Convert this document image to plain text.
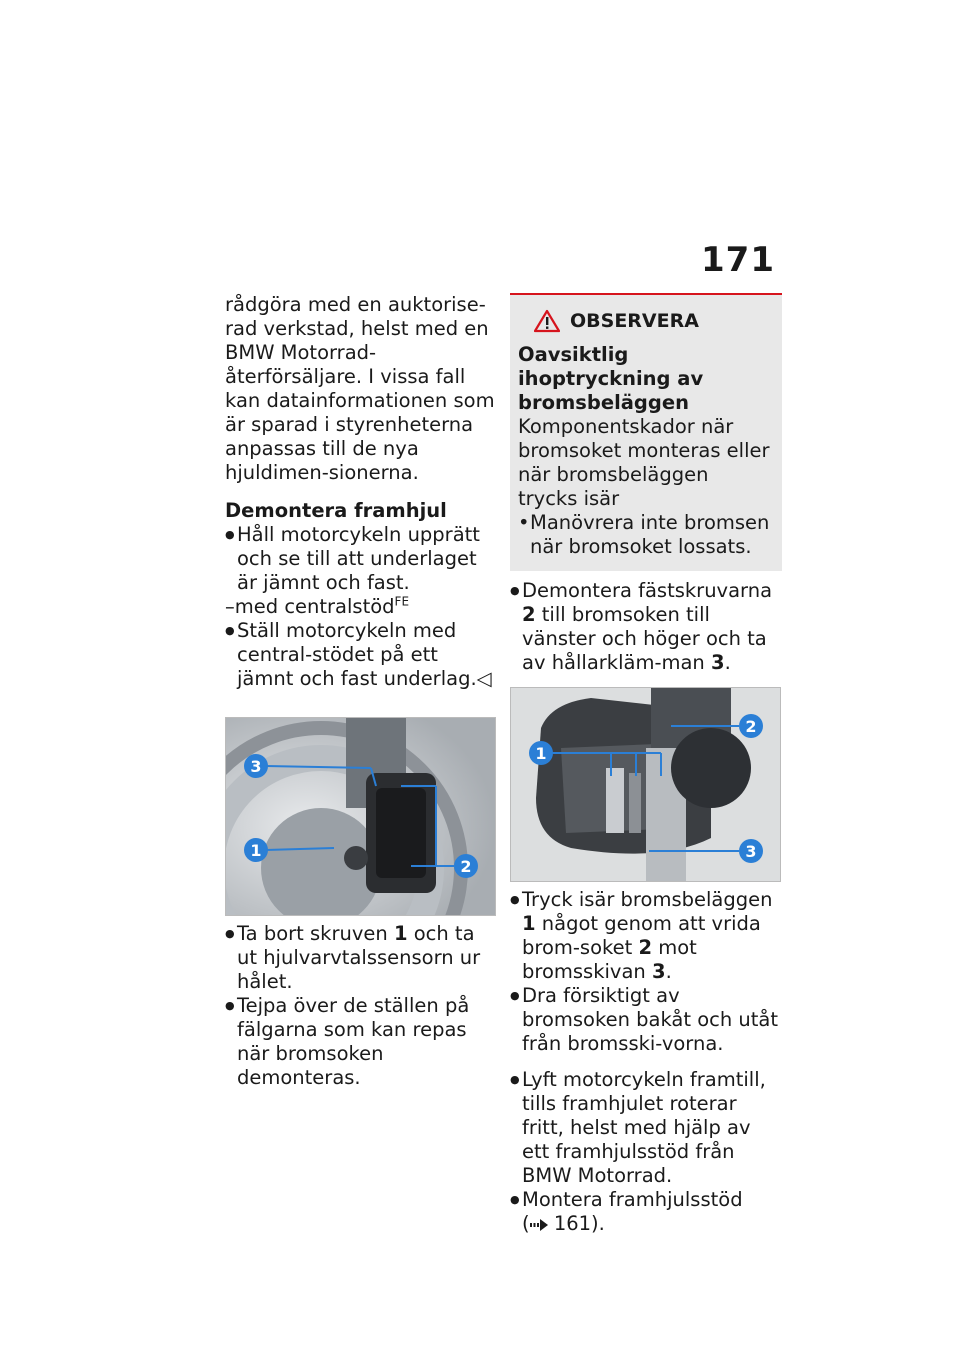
171

rådgöra med en auktorise-rad verkstad, helst med en BMW Motorrad-återförsäljare. I vissa fall kan datainformationen som är sparad i styrenheterna anpassas till de nya hjuldimen-sionerna.

Demontera framhjul

● Håll motorcykeln upprätt och se till att underlaget är jämnt och fast.

–med centralstöd$^{FE}$

● Ställ motorcykeln med central-stödet på ett jämnt och fast underlag.◁

3
1
2

● Ta bort skruven 1 och ta ut hjulvarvtalssensorn ur hålet.

● Tejpa över de ställen på fälgarna som kan repas när bromsoken demonteras.

OBSERVERA

Oavsiktlig ihoptryckning av bromsbeläggen

Komponentskador när bromsoket monteras eller när bromsbeläggen trycks isär

• Manövrera inte bromsen när bromsoket lossats.

● Demontera fästskruvarna 2 till bromsoken till vänster och höger och ta av hållarkläm-man 3.

2
1
3

● Tryck isär bromsbeläggen 1 något genom att vrida brom-soket 2 mot bromsskivan 3.

● Dra försiktigt av bromsoken bakåt och utåt från bromsski-vorna.

● Lyft motorcykeln framtill, tills framhjulet roterar fritt, helst med hjälp av ett framhjulsstöd från BMW Motorrad.

● Montera framhjulsstöd
( 161).
